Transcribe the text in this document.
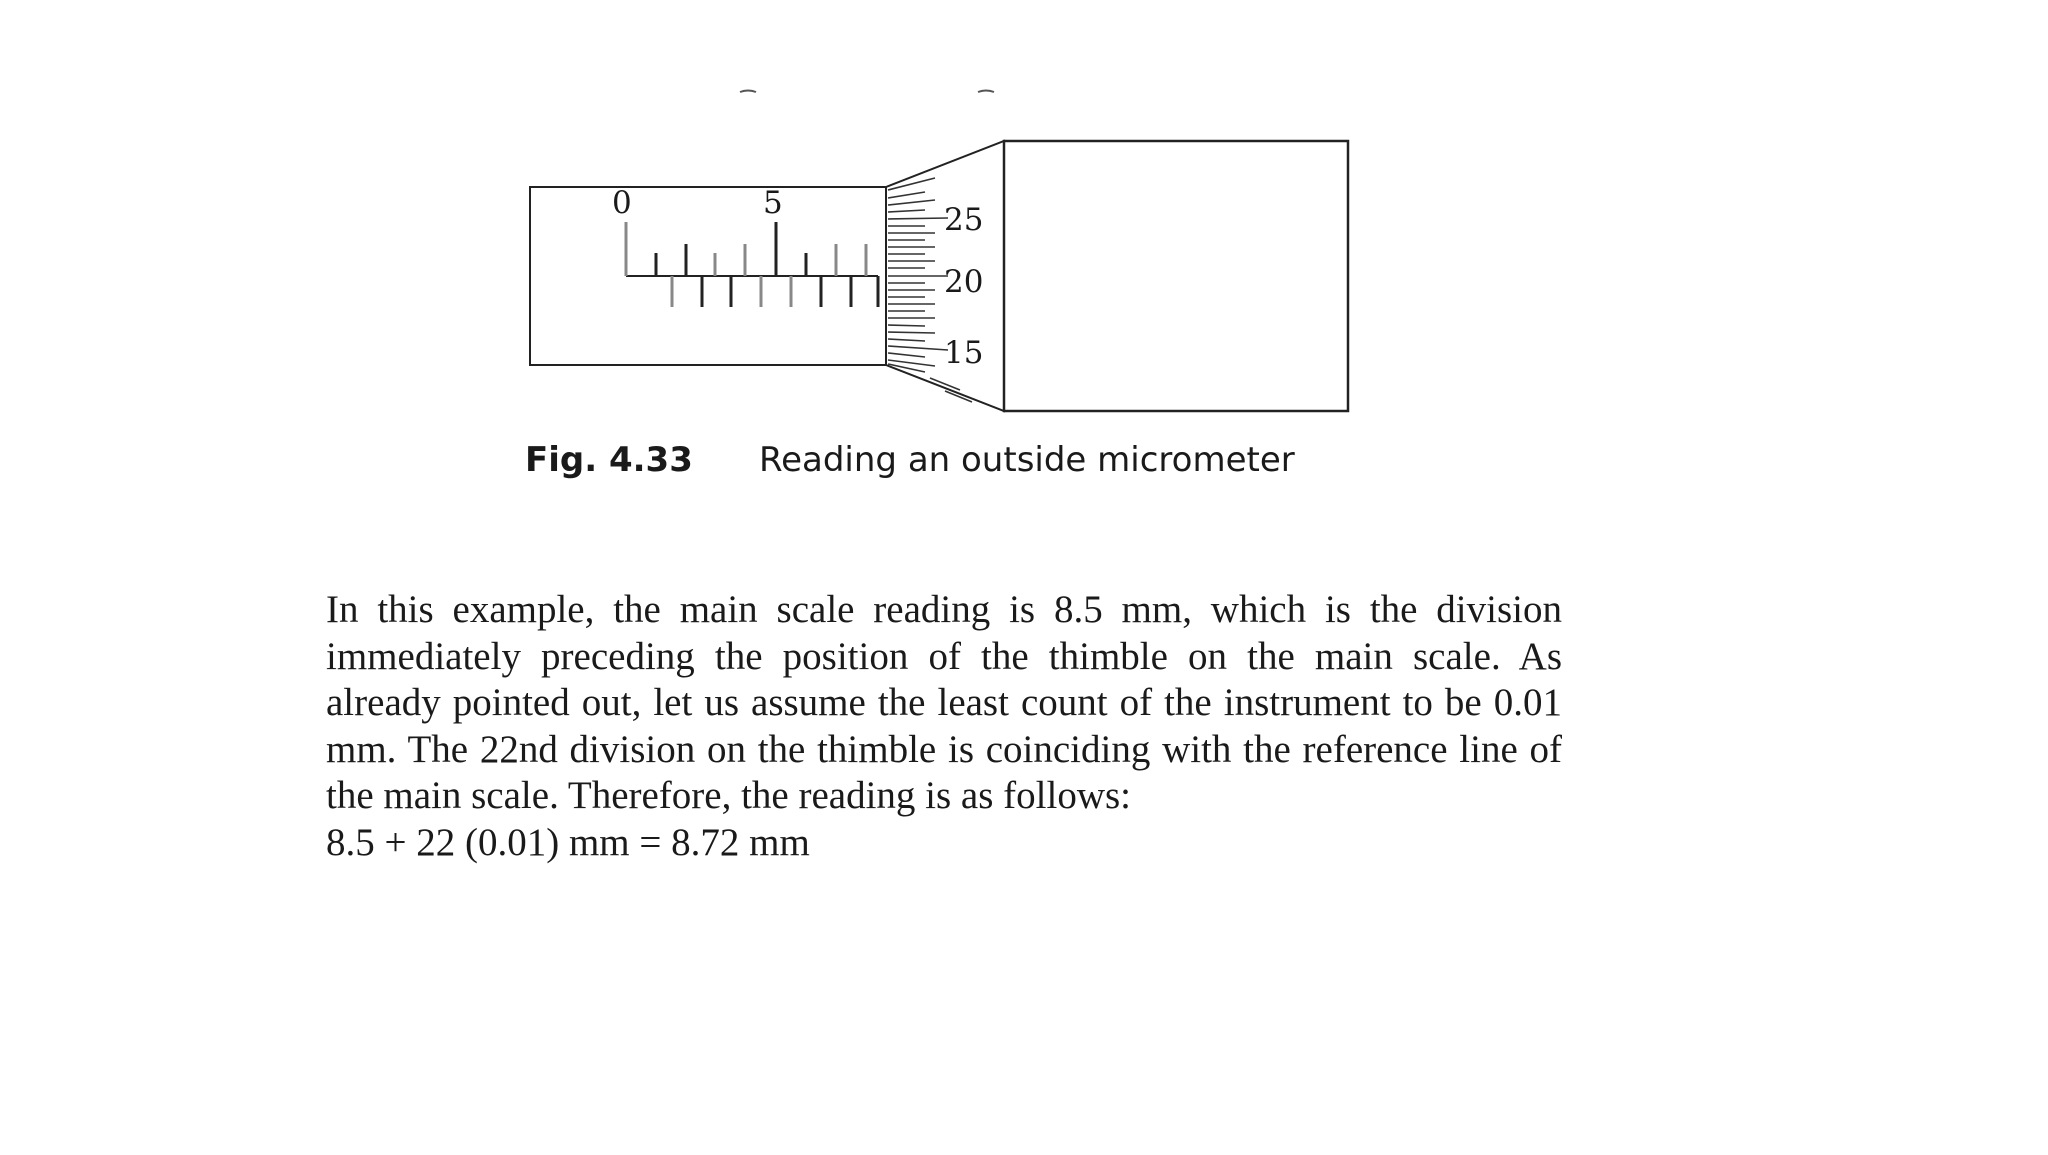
0	5	25
20
15
Fig. 4.33 Reading an outside micrometer

In this example, the main scale reading is 8.5 mm, which is the division immediately preceding the position of the thimble on the main scale. As already pointed out, let us assume the least count of the instrument to be 0.01 mm. The 22nd division on the thimble is coinciding with the reference line of the main scale. Therefore, the reading is as follows:

8.5 + 22 (0.01) mm = 8.72 mm
